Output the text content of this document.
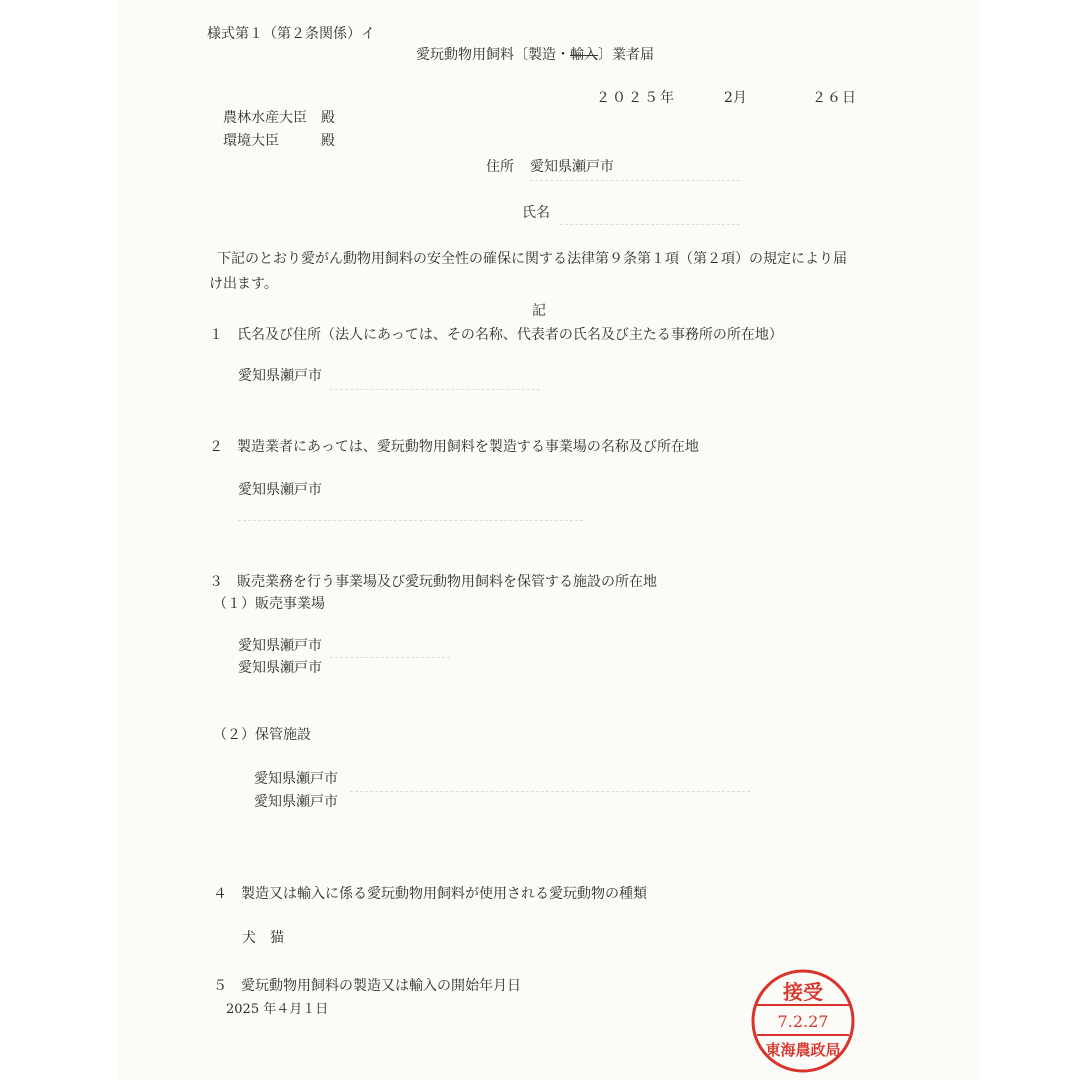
様式第１（第２条関係）イ
愛玩動物用飼料〔製造・輸入〕業者届
２０２５年	2月	２６日
農林水産大臣　殿
環境大臣　　　殿
住所 愛知県瀬戸市
氏名
下記のとおり愛がん動物用飼料の安全性の確保に関する法律第９条第１項（第２項）の規定により届
け出ます。
記
１　氏名及び住所（法人にあっては、その名称、代表者の氏名及び主たる事務所の所在地）
愛知県瀬戸市
２　製造業者にあっては、愛玩動物用飼料を製造する事業場の名称及び所在地
愛知県瀬戸市
３　販売業務を行う事業場及び愛玩動物用飼料を保管する施設の所在地
（１）販売事業場
愛知県瀬戸市
愛知県瀬戸市
（２）保管施設
愛知県瀬戸市
愛知県瀬戸市
４　製造又は輸入に係る愛玩動物用飼料が使用される愛玩動物の種類
犬　猫
５　愛玩動物用飼料の製造又は輸入の開始年月日
2025 年４月１日
接受
7.2.27
東海農政局
